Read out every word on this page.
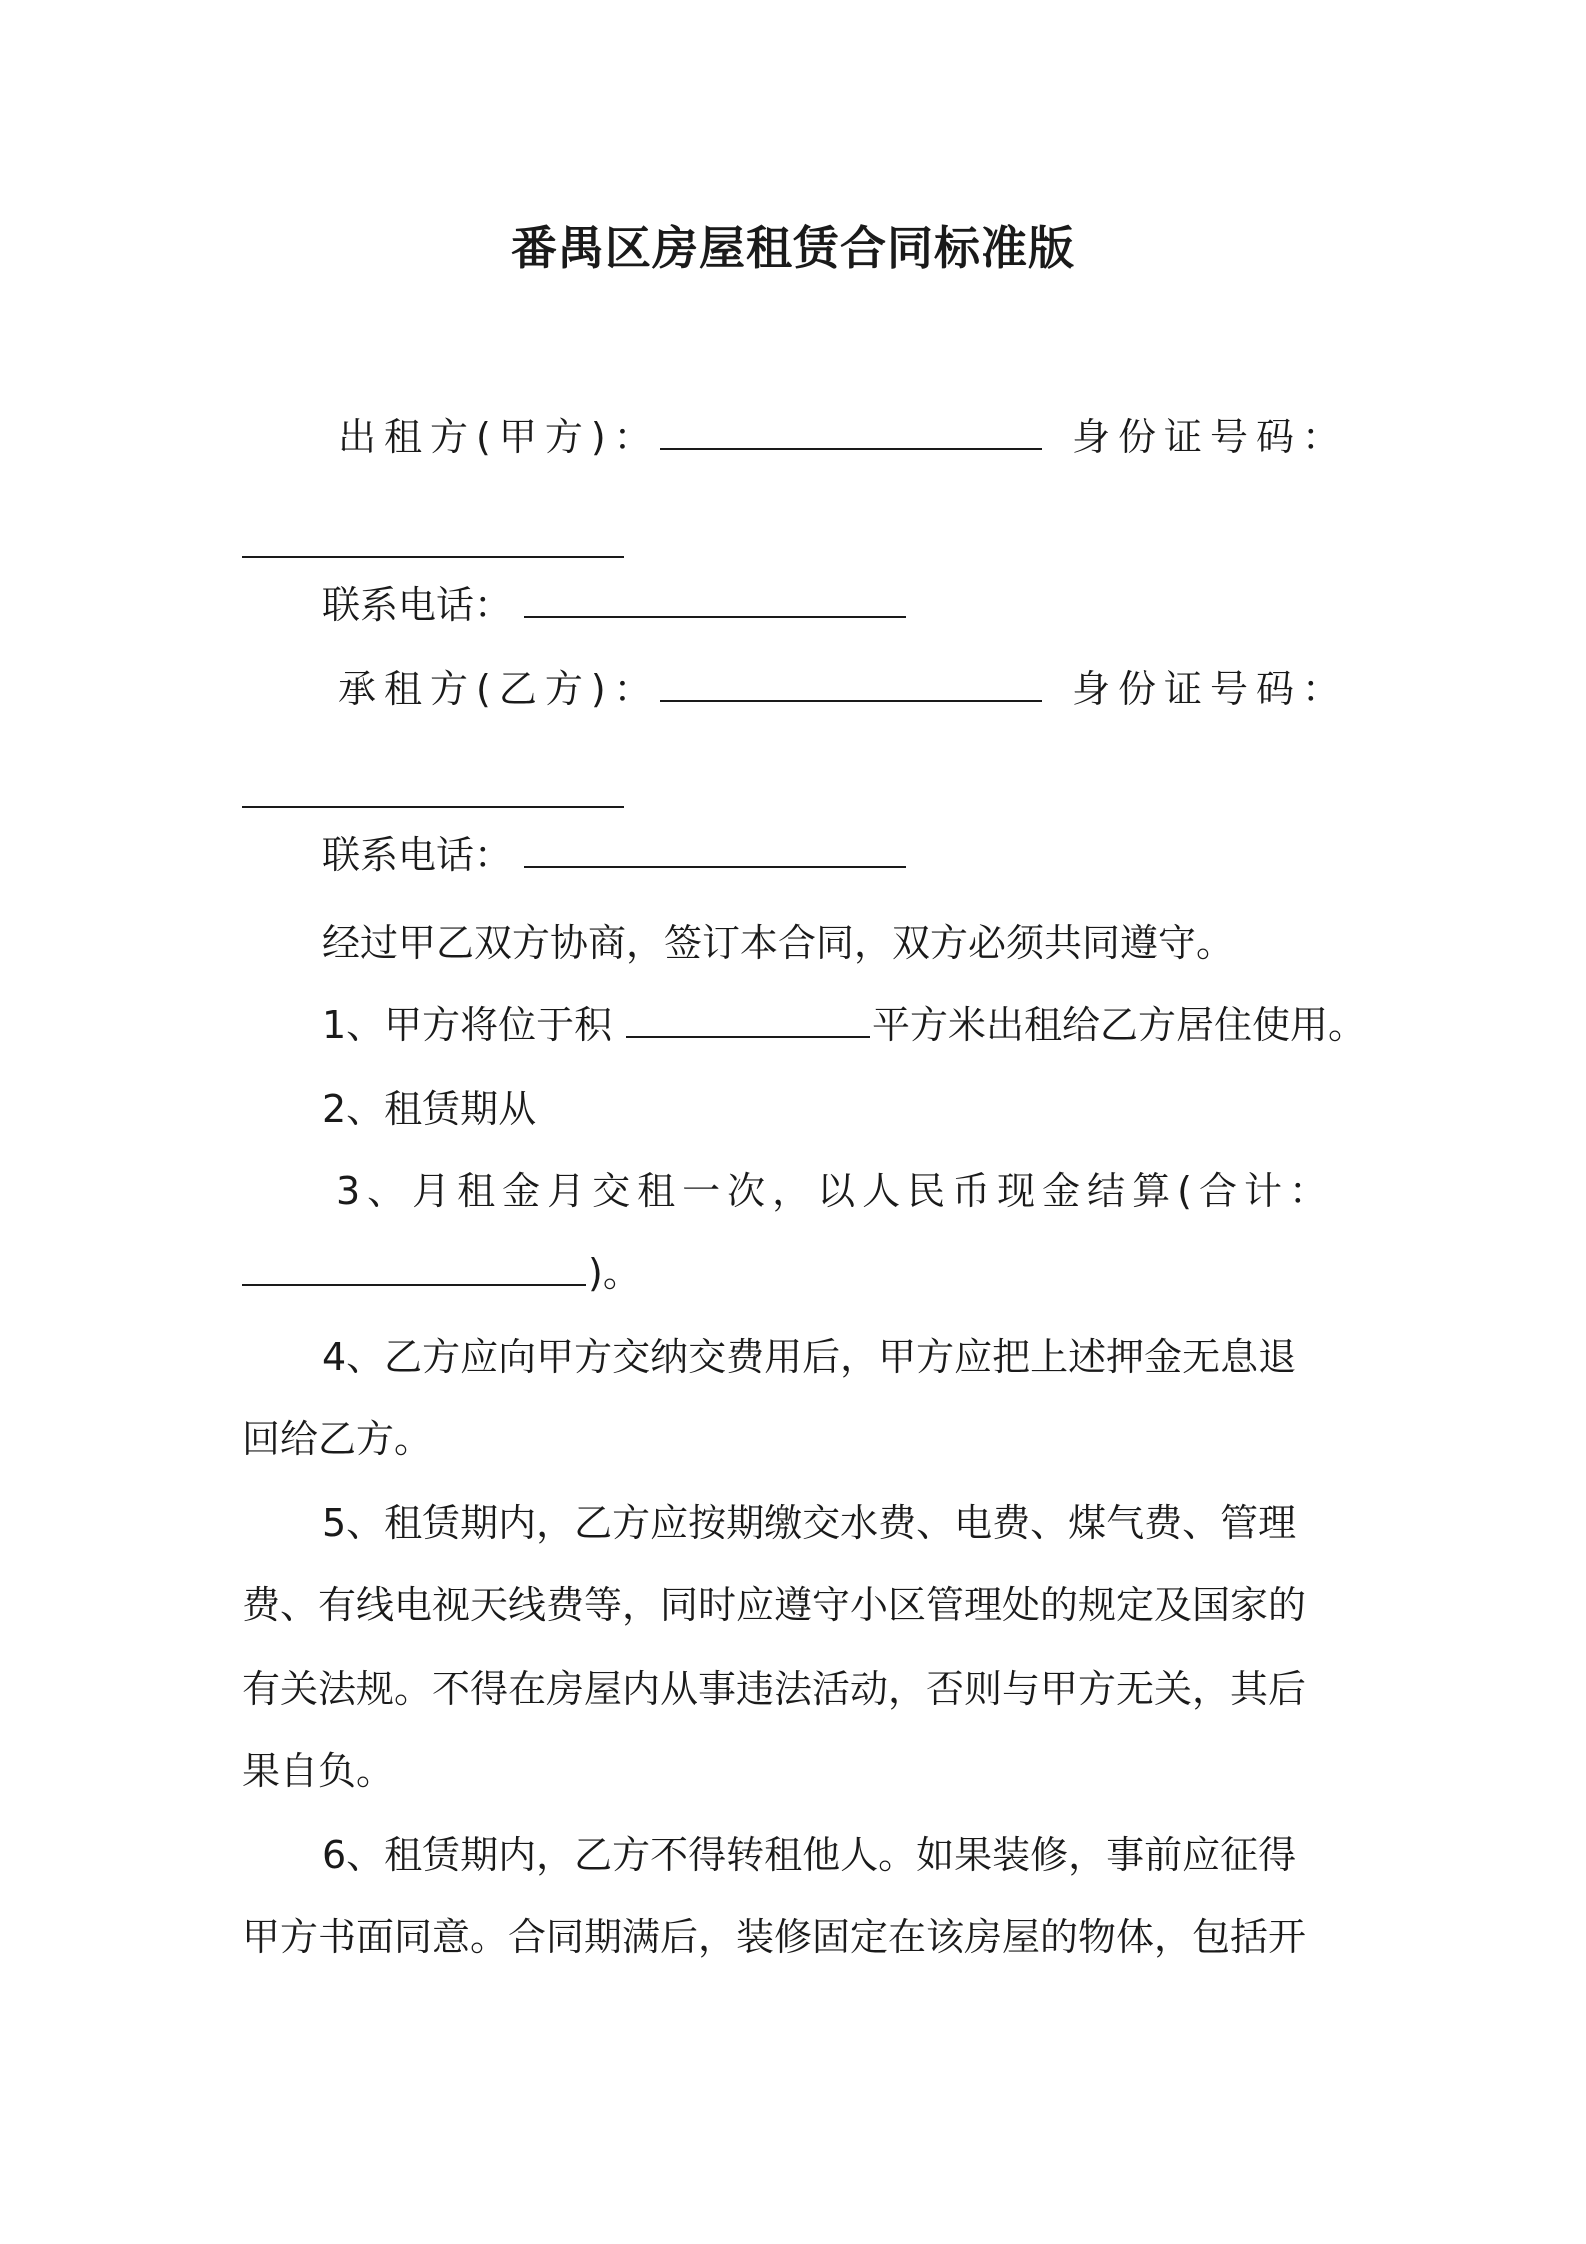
番禺区房屋租赁合同标准版
出租方(甲方)：	身份证号码：
联系电话：
承租方(乙方)：	身份证号码：
联系电话：
经过甲乙双方协商，签订本合同，双方必须共同遵守。
1、甲方将位于积	平方米出租给乙方居住使用。
2、租赁期从
3、月租金月交租一次，以人民币现金结算(合计：
)。
4、乙方应向甲方交纳交费用后，甲方应把上述押金无息退
回给乙方。
5、租赁期内，乙方应按期缴交水费、电费、煤气费、管理
费、有线电视天线费等，同时应遵守小区管理处的规定及国家的
有关法规。不得在房屋内从事违法活动，否则与甲方无关，其后
果自负。
6、租赁期内，乙方不得转租他人。如果装修，事前应征得
甲方书面同意。合同期满后，装修固定在该房屋的物体，包括开
